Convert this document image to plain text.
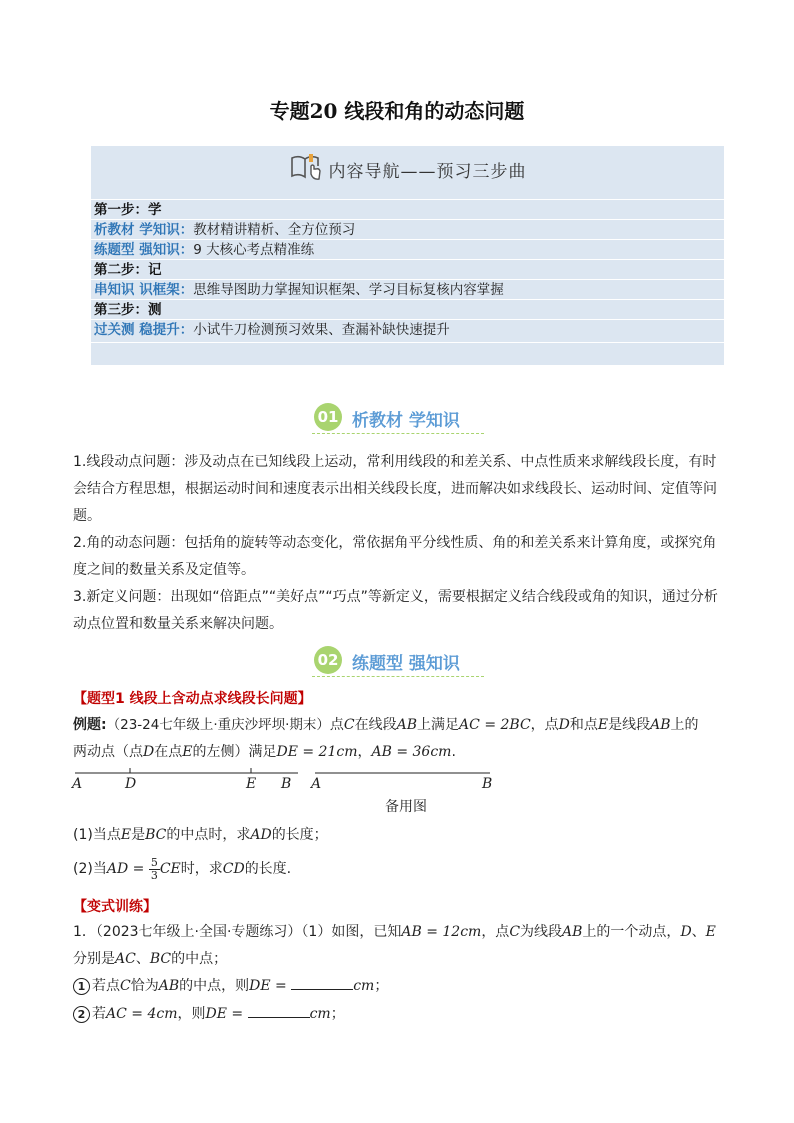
专题20 线段和角的动态问题
内容导航——预习三步曲
第一步：学
析教材 学知识：教材精讲精析、全方位预习
练题型 强知识：9 大核心考点精准练
第二步：记
串知识 识框架：思维导图助力掌握知识框架、学习目标复核内容掌握
第三步：测
过关测 稳提升：小试牛刀检测预习效果、查漏补缺快速提升
01 析教材 学知识
1.线段动点问题：涉及动点在已知线段上运动，常利用线段的和差关系、中点性质来求解线段长度，有时会结合方程思想，根据运动时间和速度表示出相关线段长度，进而解决如求线段长、运动时间、定值等问题。
2.角的动态问题：包括角的旋转等动态变化，常依据角平分线性质、角的和差关系来计算角度，或探究角度之间的数量关系及定值等。
3.新定义问题：出现如“倍距点”“美好点”“巧点”等新定义，需要根据定义结合线段或角的知识，通过分析动点位置和数量关系来解决问题。
02 练题型 强知识
【题型1 线段上含动点求线段长问题】
例题:（23-24七年级上·重庆沙坪坝·期末）点C在线段AB上满足AC = 2BC，点D和点E是线段AB上的
两动点（点D在点E的左侧）满足DE = 21cm，AB = 36cm.
A	D	E B A	B
备用图
(1)当点E是BC的中点时，求AD的长度；
(2)当AD = $\frac{5}{3}$ CE时，求CD的长度.
【变式训练】
1．（2023七年级上·全国·专题练习）（1）如图，已知AB = 12cm，点C为线段AB上的一个动点，D、E
分别是AC、BC的中点；
1 若点C恰为AB的中点，则DE =	cm；
2 若AC = 4cm，则DE =	cm；
